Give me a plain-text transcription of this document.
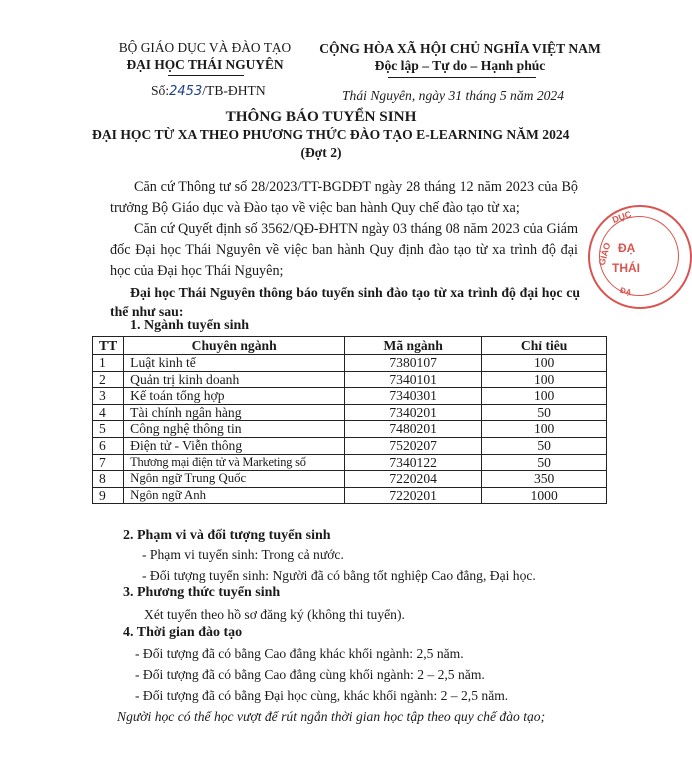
BỘ GIÁO DỤC VÀ ĐÀO TẠO
ĐẠI HỌC THÁI NGUYÊN
Số:2453/TB-ĐHTN
CỘNG HÒA XÃ HỘI CHỦ NGHĨA VIỆT NAM
Độc lập – Tự do – Hạnh phúc
Thái Nguyên, ngày 31 tháng 5 năm 2024
THÔNG BÁO TUYỂN SINH
ĐẠI HỌC TỪ XA THEO PHƯƠNG THỨC ĐÀO TẠO E-LEARNING NĂM 2024
(Đợt 2)
Căn cứ Thông tư số 28/2023/TT-BGDĐT ngày 28 tháng 12 năm 2023 của Bộ trưởng Bộ Giáo dục và Đào tạo về việc ban hành Quy chế đào tạo từ xa;
Căn cứ Quyết định số 3562/QĐ-ĐHTN ngày 03 tháng 08 năm 2023 của Giám đốc Đại học Thái Nguyên về việc ban hành Quy định đào tạo từ xa trình độ đại học của Đại học Thái Nguyên;
DỤC
GIÁO ĐẠ
THÁI
ĐẠ
Đại học Thái Nguyên thông báo tuyển sinh đào tạo từ xa trình độ đại học cụ thể như sau:
1. Ngành tuyển sinh
TT	Chuyên ngành	Mã ngành	Chỉ tiêu
1	Luật kinh tế	7380107	100
2	Quản trị kinh doanh	7340101	100
3	Kế toán tổng hợp	7340301	100
4	Tài chính ngân hàng	7340201	50
5	Công nghệ thông tin	7480201	100
6	Điện tử - Viễn thông	7520207	50
7	Thương mại điện tử và Marketing số	7340122	50
8	Ngôn ngữ Trung Quốc	7220204	350
9	Ngôn ngữ Anh	7220201	1000
2. Phạm vi và đối tượng tuyển sinh
- Phạm vi tuyển sinh: Trong cả nước.
- Đối tượng tuyển sinh: Người đã có bằng tốt nghiệp Cao đẳng, Đại học.
3. Phương thức tuyển sinh
Xét tuyển theo hồ sơ đăng ký (không thi tuyển).
4. Thời gian đào tạo
- Đối tượng đã có bằng Cao đẳng khác khối ngành: 2,5 năm.
- Đối tượng đã có bằng Cao đẳng cùng khối ngành: 2 – 2,5 năm.
- Đối tượng đã có bằng Đại học cùng, khác khối ngành: 2 – 2,5 năm.
Người học có thể học vượt để rút ngắn thời gian học tập theo quy chế đào tạo;
